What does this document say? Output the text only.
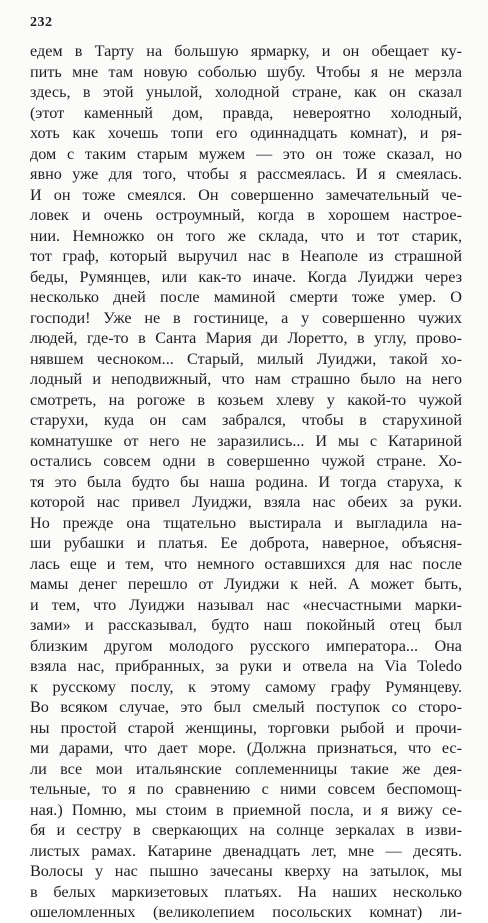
232
едем в Тарту на большую ярмарку, и он обещает ку-
пить мне там новую соболью шубу. Чтобы я не мерзла
здесь, в этой унылой, холодной стране, как он сказал
(этот каменный дом, правда, невероятно холодный,
хоть как хочешь топи его одиннадцать комнат), и ря-
дом с таким старым мужем — это он тоже сказал, но
явно уже для того, чтобы я рассмеялась. И я смеялась.
И он тоже смеялся. Он совершенно замечательный че-
ловек и очень остроумный, когда в хорошем настрое-
нии. Немножко он того же склада, что и тот старик,
тот граф, который выручил нас в Неаполе из страшной
беды, Румянцев, или как-то иначе. Когда Луиджи через
несколько дней после маминой смерти тоже умер. О
господи! Уже не в гостинице, а у совершенно чужих
людей, где-то в Санта Мария ди Лоретто, в углу, прово-
нявшем чесноком... Старый, милый Луиджи, такой хо-
лодный и неподвижный, что нам страшно было на него
смотреть, на рогоже в козьем хлеву у какой-то чужой
старухи, куда он сам забрался, чтобы в старухиной
комнатушке от него не заразились... И мы с Катариной
остались совсем одни в совершенно чужой стране. Хо-
тя это была будто бы наша родина. И тогда старуха, к
которой нас привел Луиджи, взяла нас обеих за руки.
Но прежде она тщательно выстирала и выгладила на-
ши рубашки и платья. Ее доброта, наверное, объясня-
лась еще и тем, что немного оставшихся для нас после
мамы денег перешло от Луиджи к ней. А может быть,
и тем, что Луиджи называл нас «несчастными марки-
зами» и рассказывал, будто наш покойный отец был
близким другом молодого русского императора... Она
взяла нас, прибранных, за руки и отвела на Via Toledo
к русскому послу, к этому самому графу Румянцеву.
Во всяком случае, это был смелый поступок со сторо-
ны простой старой женщины, торговки рыбой и прочи-
ми дарами, что дает море. (Должна признаться, что ес-
ли все мои итальянские соплеменницы такие же дея-
тельные, то я по сравнению с ними совсем беспомощ-
ная.) Помню, мы стоим в приемной посла, и я вижу се-
бя и сестру в сверкающих на солнце зеркалах в изви-
листых рамах. Катарине двенадцать лет, мне — десять.
Волосы у нас пышно зачесаны кверху на затылок, мы
в белых маркизетовых платьях. На наших несколько
ошеломленных (великолепием посольских комнат) ли-
